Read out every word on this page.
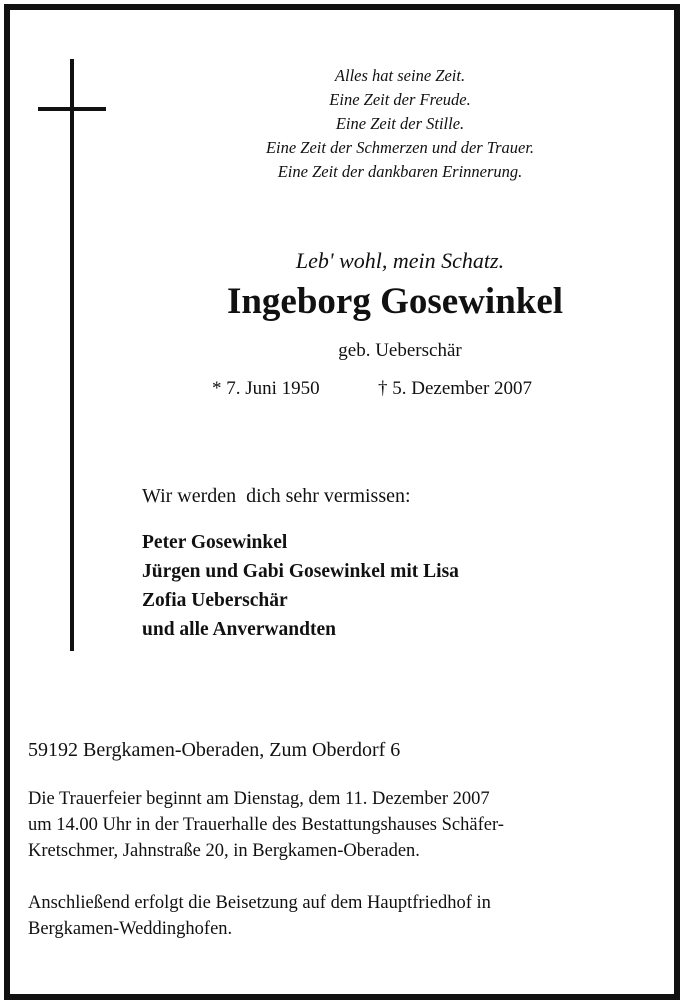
Alles hat seine Zeit.
Eine Zeit der Freude.
Eine Zeit der Stille.
Eine Zeit der Schmerzen und der Trauer.
Eine Zeit der dankbaren Erinnerung.
Leb' wohl, mein Schatz.
Ingeborg Gosewinkel
geb. Ueberschär
* 7. Juni 1950	† 5. Dezember 2007
Wir werden  dich sehr vermissen:
Peter Gosewinkel
Jürgen und Gabi Gosewinkel mit Lisa
Zofia Ueberschär
und alle Anverwandten
59192 Bergkamen-Oberaden, Zum Oberdorf 6
Die Trauerfeier beginnt am Dienstag, dem 11. Dezember 2007
um 14.00 Uhr in der Trauerhalle des Bestattungshauses Schäfer-
Kretschmer, Jahnstraße 20, in Bergkamen-Oberaden.
Anschließend erfolgt die Beisetzung auf dem Hauptfriedhof in
Bergkamen-Weddinghofen.
